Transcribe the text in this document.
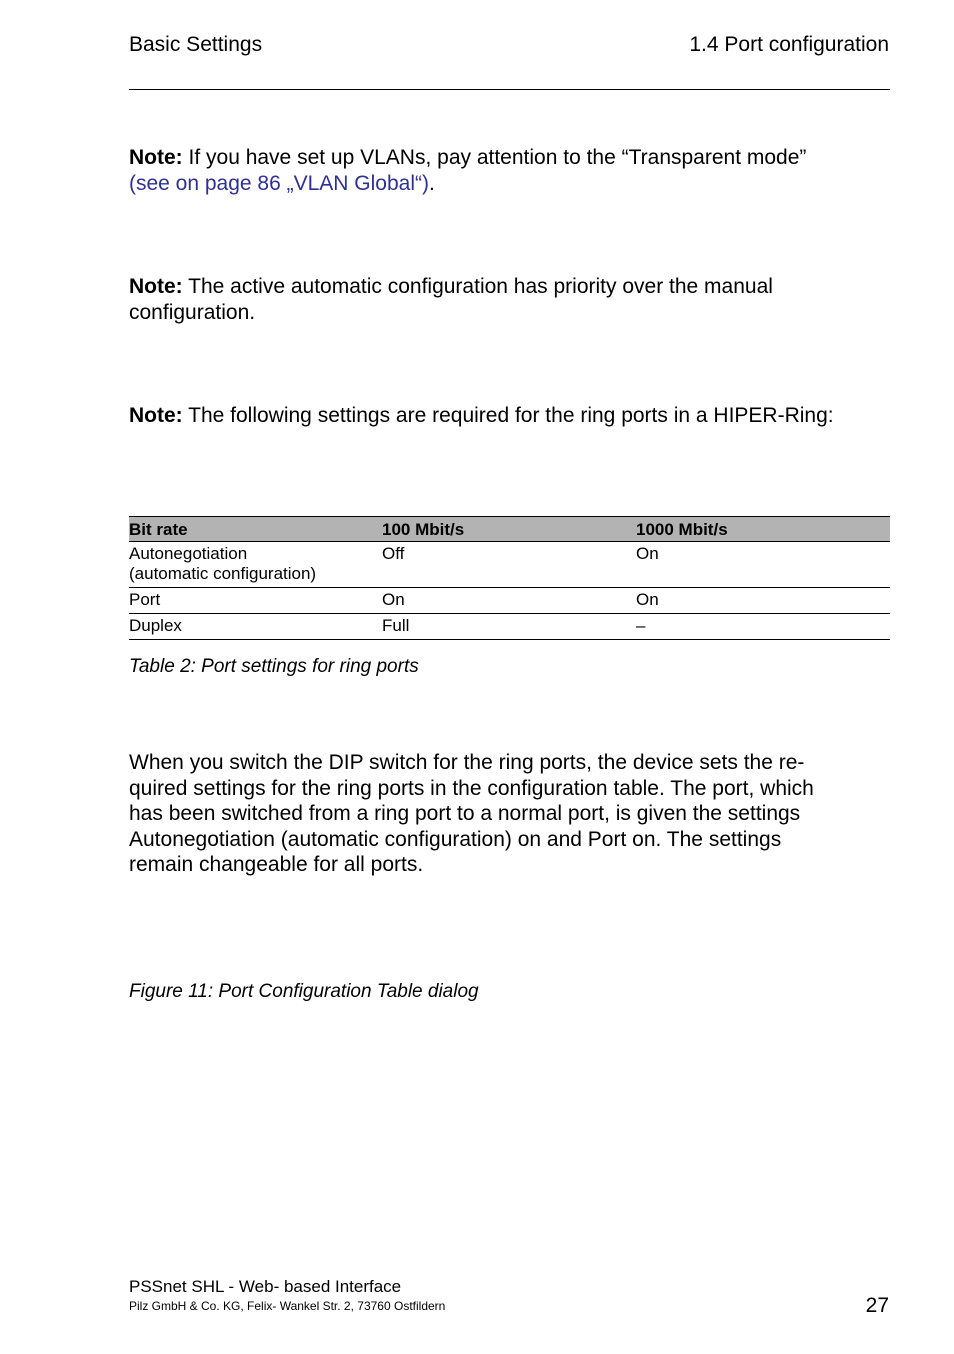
Basic Settings	1.4 Port configuration
Note: If you have set up VLANs, pay attention to the “Transparent mode”
(see on page 86 „VLAN Global“).
Note: The active automatic configuration has priority over the manual configuration.
Note: The following settings are required for the ring ports in a HIPER-Ring:
Bit rate	100 Mbit/s	1000 Mbit/s
Autonegotiation
(automatic configuration)	Off	On
Port	On	On
Duplex	Full	–
Table 2: Port settings for ring ports
When you switch the DIP switch for the ring ports, the device sets the re-
quired settings for the ring ports in the configuration table. The port, which
has been switched from a ring port to a normal port, is given the settings
Autonegotiation (automatic configuration) on and Port on. The settings
remain changeable for all ports.
Figure 11: Port Configuration Table dialog
PSSnet SHL - Web- based Interface
Pilz GmbH & Co. KG, Felix- Wankel Str. 2, 73760 Ostfildern	27
